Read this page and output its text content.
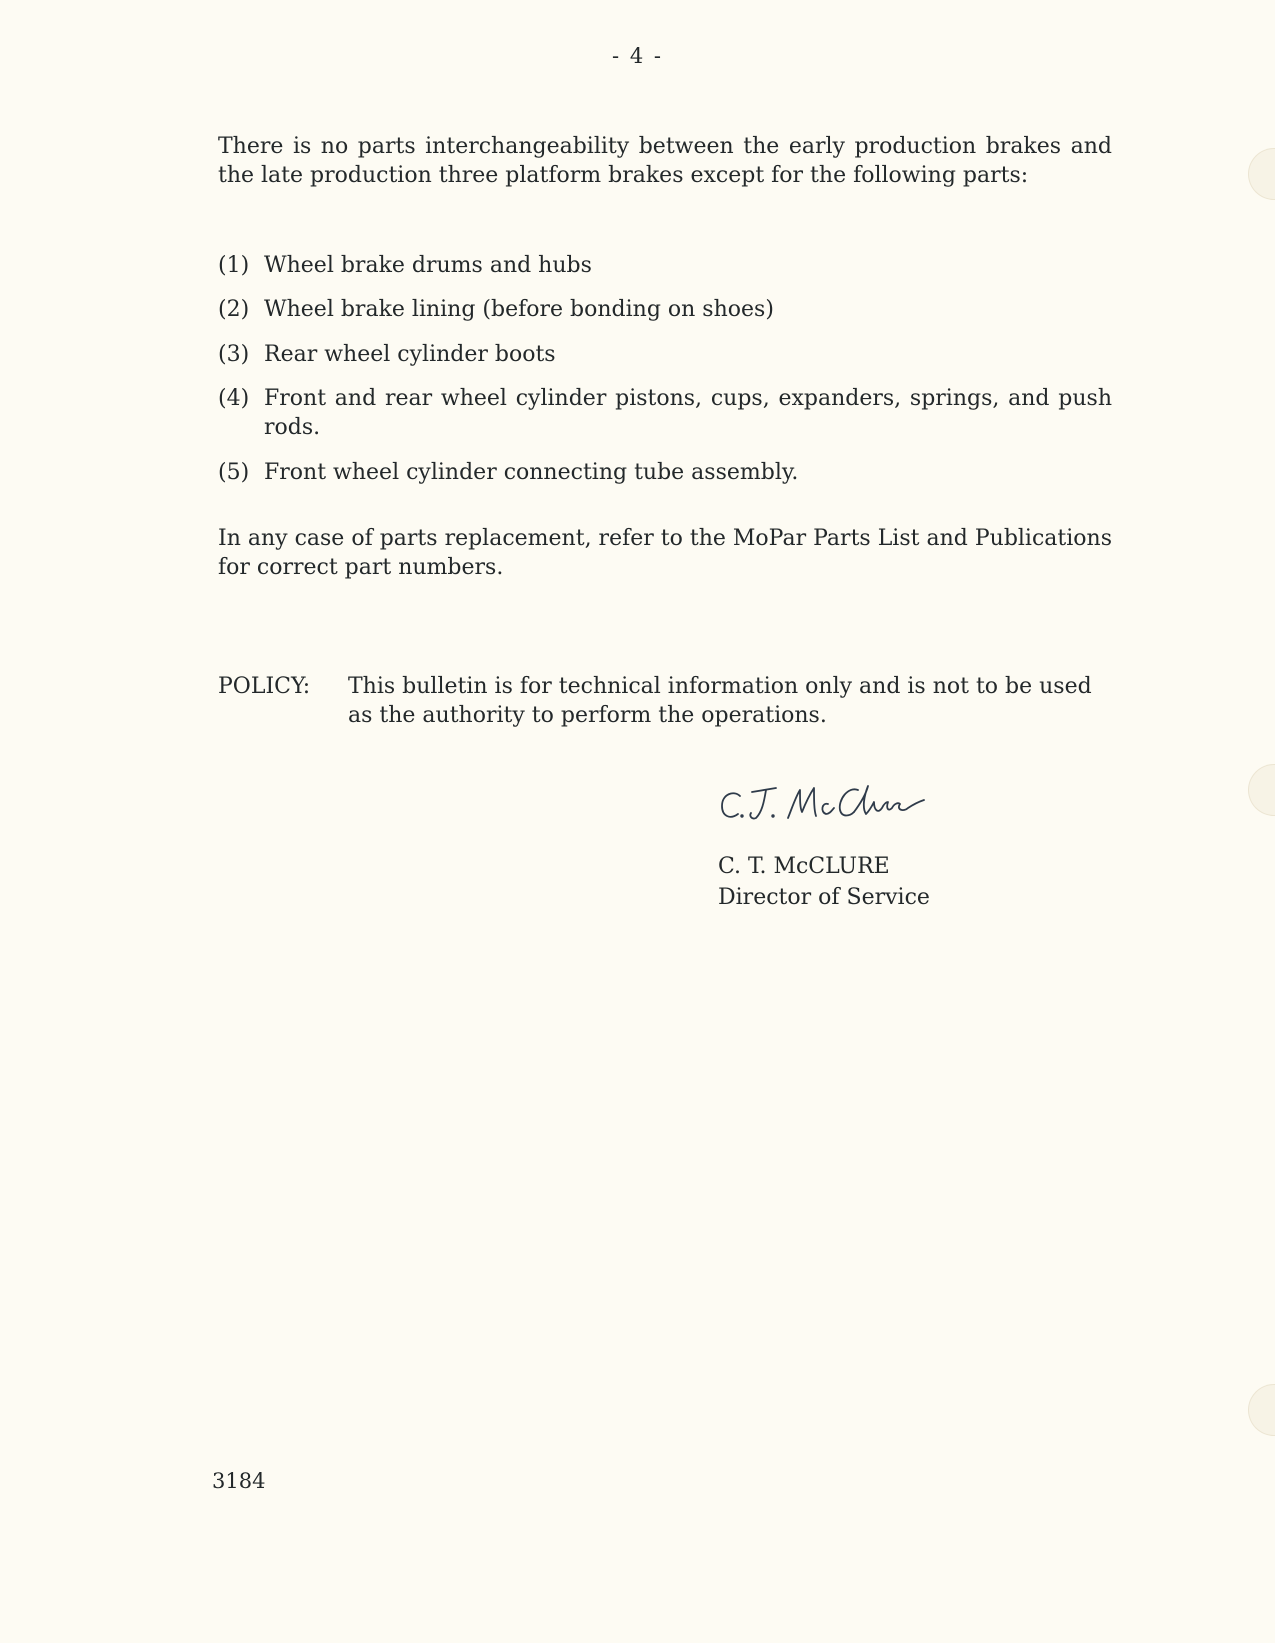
- 4 -
There is no parts interchangeability between the early production brakes and the late production three platform brakes except for the following parts:
(1) Wheel brake drums and hubs
(2) Wheel brake lining (before bonding on shoes)
(3) Rear wheel cylinder boots
(4) Front and rear wheel cylinder pistons, cups, expanders, springs, and push rods.
(5) Front wheel cylinder connecting tube assembly.
In any case of parts replacement, refer to the MoPar Parts List and Publications for correct part numbers.
POLICY: This bulletin is for technical information only and is not to be used as the authority to perform the operations.
C. T. McCLURE
Director of Service
3184
